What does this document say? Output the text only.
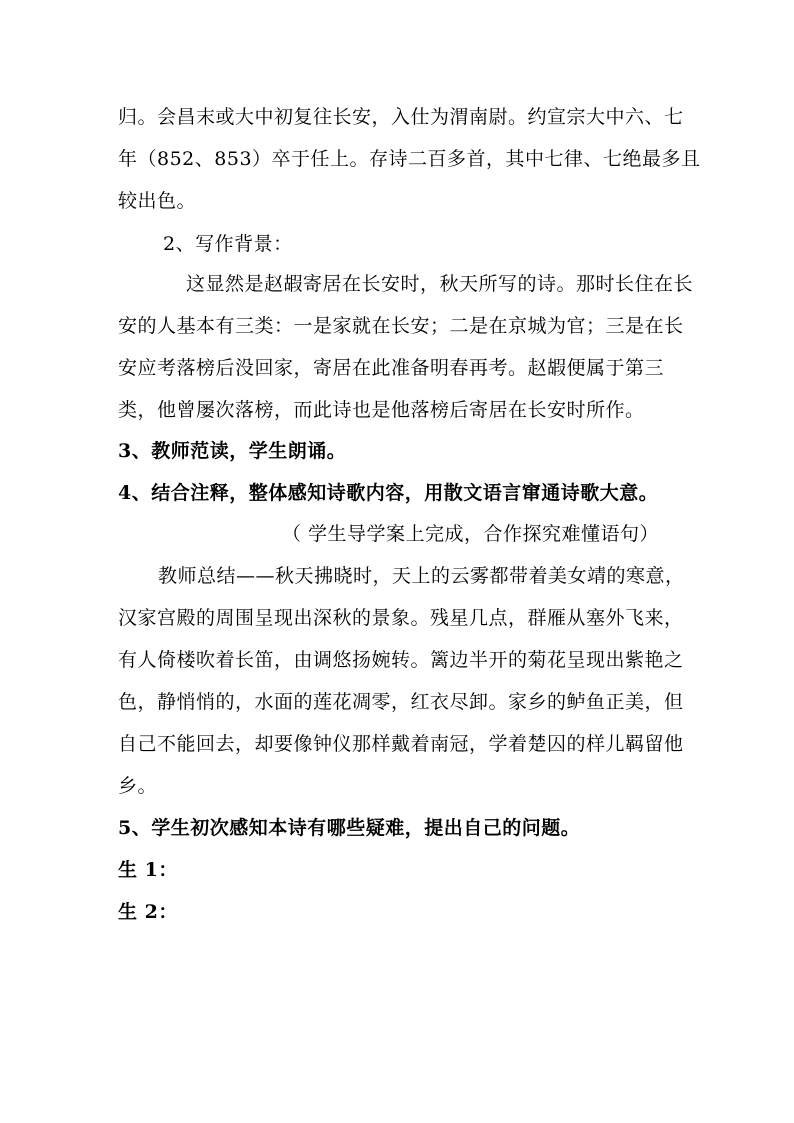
归。会昌末或大中初复往长安，入仕为渭南尉。约宣宗大中六、七
年（852、853）卒于任上。存诗二百多首，其中七律、七绝最多且
较出色。
2、写作背景：
这显然是赵嘏寄居在长安时，秋天所写的诗。那时长住在长
安的人基本有三类：一是家就在长安；二是在京城为官；三是在长
安应考落榜后没回家，寄居在此准备明春再考。赵嘏便属于第三
类，他曾屡次落榜，而此诗也是他落榜后寄居在长安时所作。
3、教师范读，学生朗诵。
4、结合注释，整体感知诗歌内容，用散文语言窜通诗歌大意。
（ 学生导学案上完成，合作探究难懂语句）
教师总结——秋天拂晓时，天上的云雾都带着美女靖的寒意，
汉家宫殿的周围呈现出深秋的景象。残星几点，群雁从塞外飞来，
有人倚楼吹着长笛，由调悠扬婉转。篱边半开的菊花呈现出紫艳之
色，静悄悄的，水面的莲花凋零，红衣尽卸。家乡的鲈鱼正美，但
自己不能回去，却要像钟仪那样戴着南冠，学着楚囚的样儿羁留他
乡。
5、学生初次感知本诗有哪些疑难，提出自己的问题。
生 1：
生 2：
